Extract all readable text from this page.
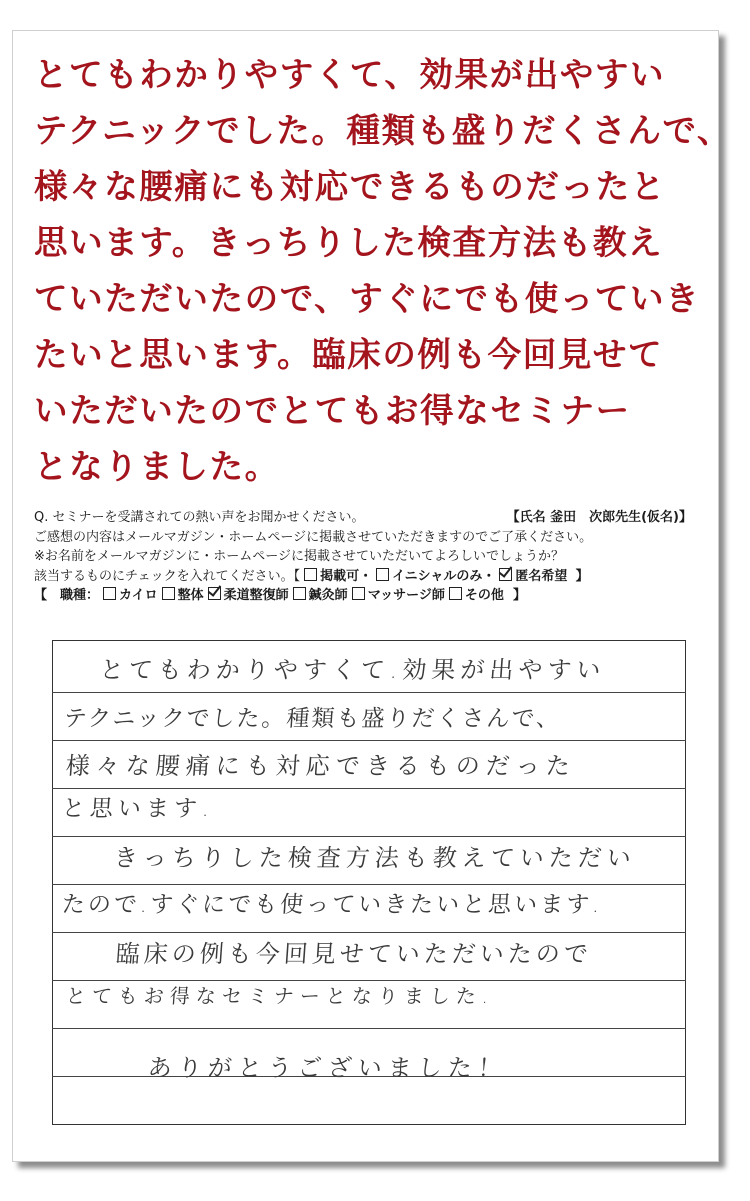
とてもわかりやすくて、効果が出やすい
テクニックでした。種類も盛りだくさんで、
様々な腰痛にも対応できるものだったと
思います。きっちりした検査方法も教え
ていただいたので、すぐにでも使っていき
たいと思います。臨床の例も今回見せて
いただいたのでとてもお得なセミナー
となりました。
Q. セミナーを受講されての熱い声をお聞かせください。	【氏名 釜田　次郎先生(仮名)】
ご感想の内容はメールマガジン・ホームページに掲載させていただきますのでご了承ください。
※お名前をメールマガジンに・ホームページに掲載させていただいてよろしいでしょうか？
該当するものにチェックを入れてください。【 掲載可・ イニシャルのみ・ 匿名希望 】
【　職種： カイロ 整体 柔道整復師 鍼灸師 マッサージ師 その他 】
とてもわかりやすくて.効果が出やすい
テクニックでした。種類も盛りだくさんで、
様々な腰痛にも対応できるものだった
と思います.
きっちりした検査方法も教えていただい
たので.すぐにでも使っていきたいと思います.
臨床の例も今回見せていただいたので
とてもお得なセミナーとなりました.
ありがとうございました！
